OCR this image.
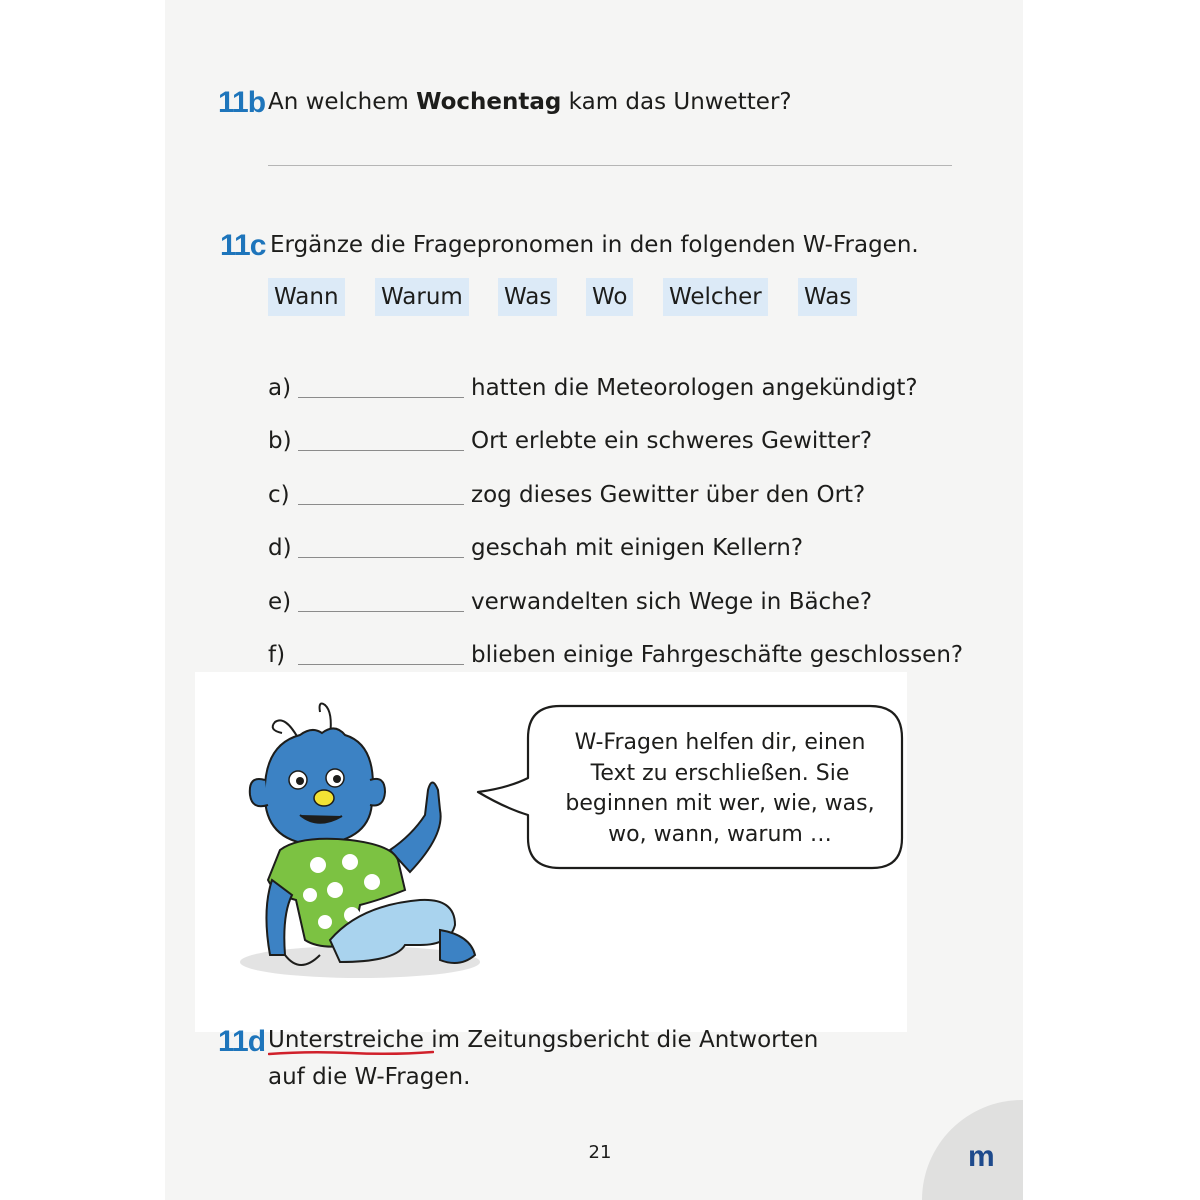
11b An welchem Wochentag kam das Unwetter?
11c Ergänze die Fragepronomen in den folgenden W-Fragen.
Wann Warum Was Wo Welcher Was
a)	hatten die Meteorologen angekündigt?
b)	Ort erlebte ein schweres Gewitter?
c)	zog dieses Gewitter über den Ort?
d)	geschah mit einigen Kellern?
e)	verwandelten sich Wege in Bäche?
f)	blieben einige Fahrgeschäfte geschlossen?
W-Fragen helfen dir, einen
Text zu erschließen. Sie
beginnen mit wer, wie, was,
wo, wann, warum …
11d Unterstreiche im Zeitungsbericht die Antworten
auf die W-Fragen.
21	m
